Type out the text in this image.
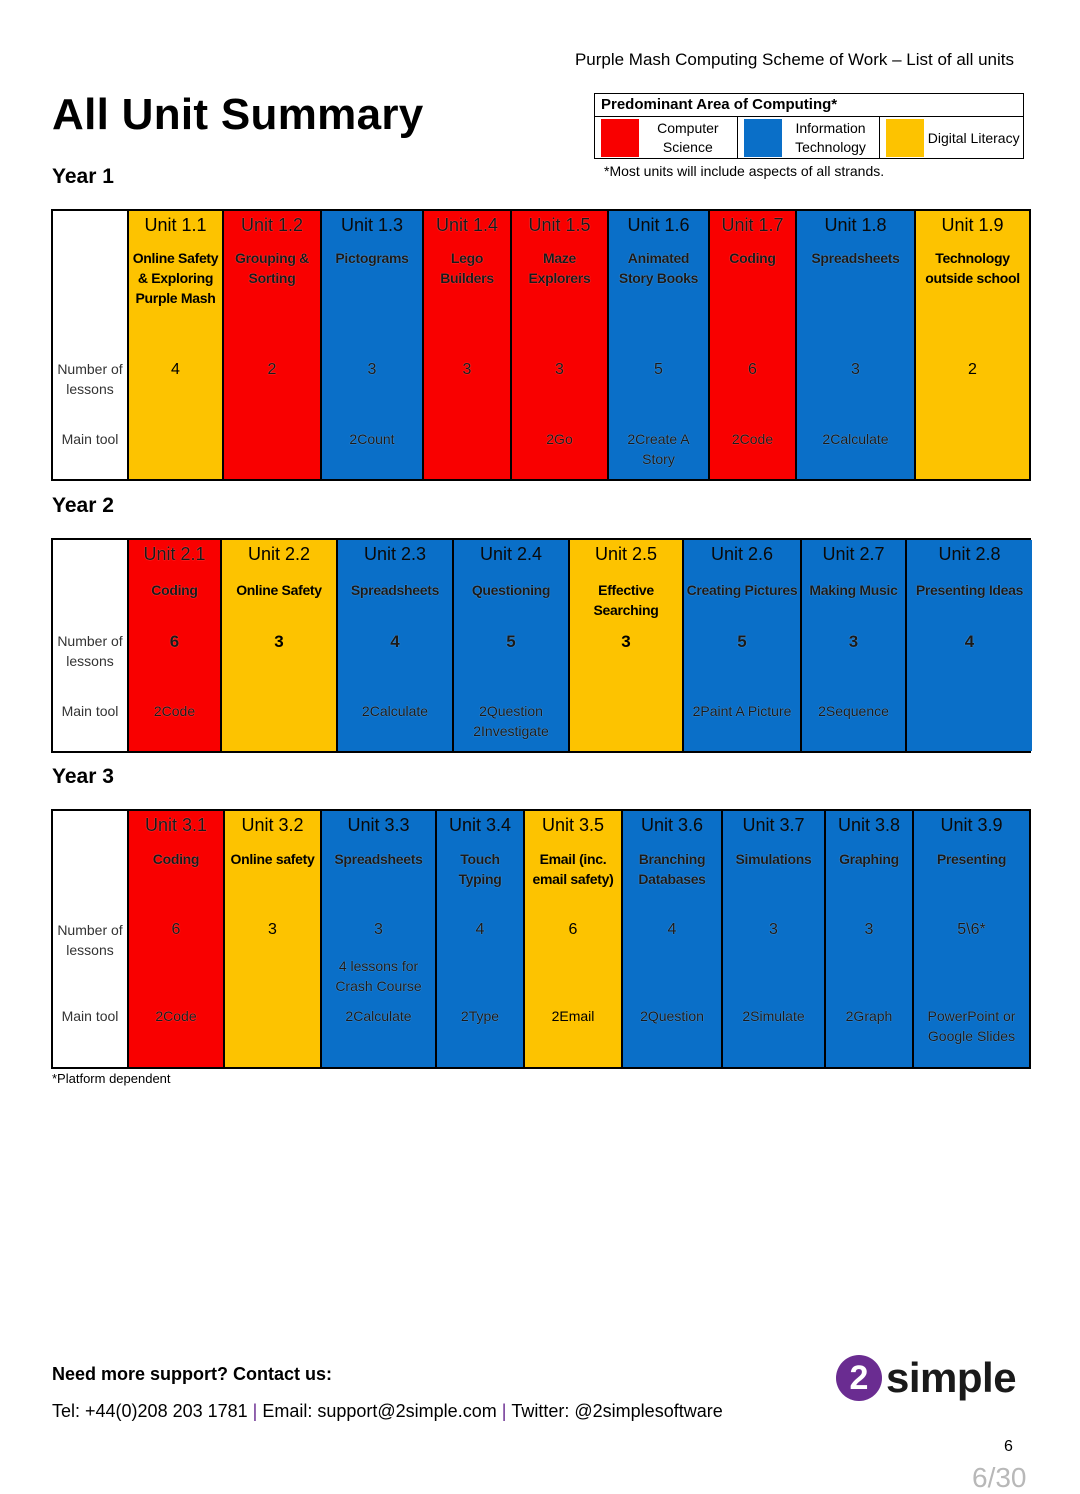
Purple Mash Computing Scheme of Work – List of all units
All Unit Summary	Predominant Area of Computing*
Computer Science
Information Technology
Digital Literacy
*Most units will include aspects of all strands.
Year 1
Number of lessons
Main tool
Unit 1.1
Online Safety & Exploring Purple Mash
4
Unit 1.2
Grouping & Sorting
2
Unit 1.3
Pictograms
3
2Count
Unit 1.4
Lego Builders
3
Unit 1.5
Maze Explorers
3
2Go
Unit 1.6
Animated Story Books
5
2Create A Story
Unit 1.7
Coding
6
2Code
Unit 1.8
Spreadsheets
3
2Calculate
Unit 1.9
Technology outside school
2
Year 2
Number of lessons
Main tool
Unit 2.1
Coding
6
2Code
Unit 2.2
Online Safety
3
Unit 2.3
Spreadsheets
4
2Calculate
Unit 2.4
Questioning
5
2Question 2Investigate
Unit 2.5
Effective Searching
3
Unit 2.6
Creating Pictures
5
2Paint A Picture
Unit 2.7
Making Music
3
2Sequence
Unit 2.8
Presenting Ideas
4
Year 3
Number of lessons
Main tool
Unit 3.1
Coding
6
2Code
Unit 3.2
Online safety
3
Unit 3.3
Spreadsheets
3
4 lessons for Crash Course
2Calculate
Unit 3.4
Touch Typing
4
2Type
Unit 3.5
Email (inc. email safety)
6
2Email
Unit 3.6
Branching Databases
4
2Question
Unit 3.7
Simulations
3
2Simulate
Unit 3.8
Graphing
3
2Graph
Unit 3.9
Presenting
5\6*
PowerPoint or Google Slides
*Platform dependent
Need more support? Contact us:
Tel: +44(0)208 203 1781 | Email: support@2simple.com | Twitter: @2simplesoftware
2 simple
6
6/30
